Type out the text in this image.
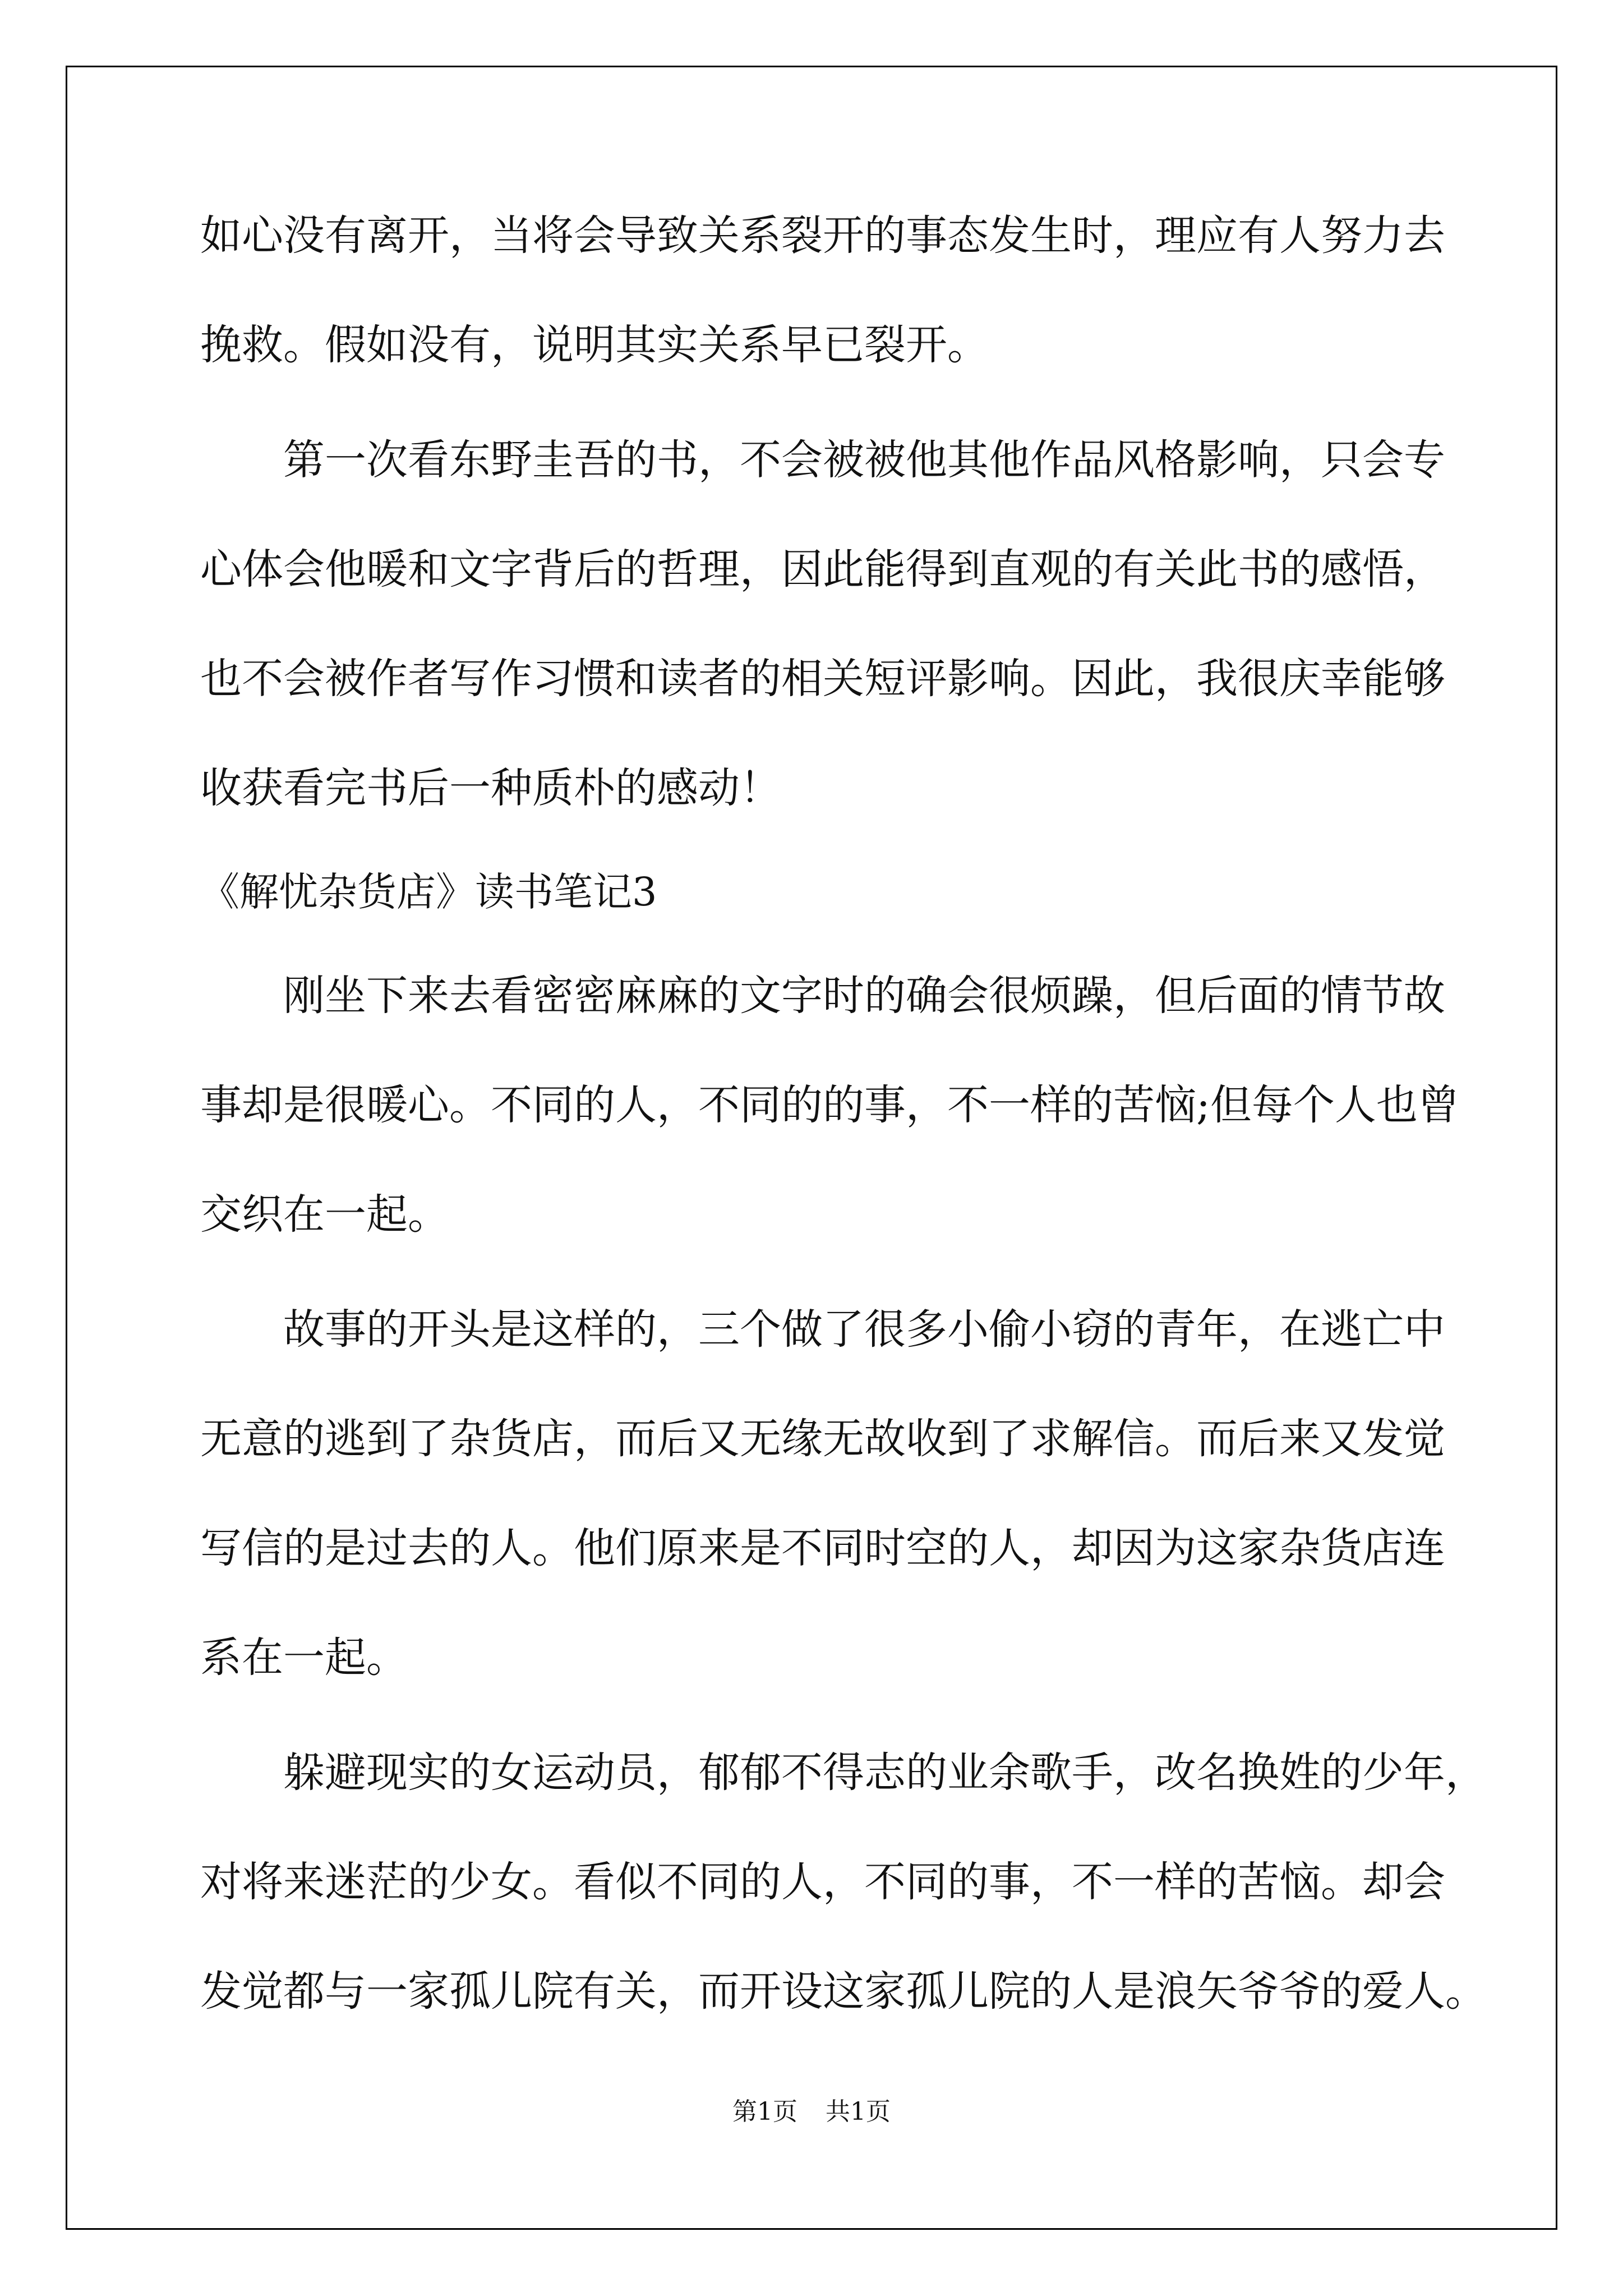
如心没有离开，当将会导致关系裂开的事态发生时，理应有人努力去
挽救。假如没有，说明其实关系早已裂开。
第一次看东野圭吾的书，不会被被他其他作品风格影响，只会专
心体会他暖和文字背后的哲理，因此能得到直观的有关此书的感悟，
也不会被作者写作习惯和读者的相关短评影响。因此，我很庆幸能够
收获看完书后一种质朴的感动！
《解忧杂货店》读书笔记3
刚坐下来去看密密麻麻的文字时的确会很烦躁，但后面的情节故
事却是很暖心。不同的人，不同的的事，不一样的苦恼;但每个人也曾
交织在一起。
故事的开头是这样的，三个做了很多小偷小窃的青年，在逃亡中
无意的逃到了杂货店，而后又无缘无故收到了求解信。而后来又发觉
写信的是过去的人。他们原来是不同时空的人，却因为这家杂货店连
系在一起。
躲避现实的女运动员，郁郁不得志的业余歌手，改名换姓的少年，
对将来迷茫的少女。看似不同的人，不同的事，不一样的苦恼。却会
发觉都与一家孤儿院有关，而开设这家孤儿院的人是浪矢爷爷的爱人。
第1页 共1页
